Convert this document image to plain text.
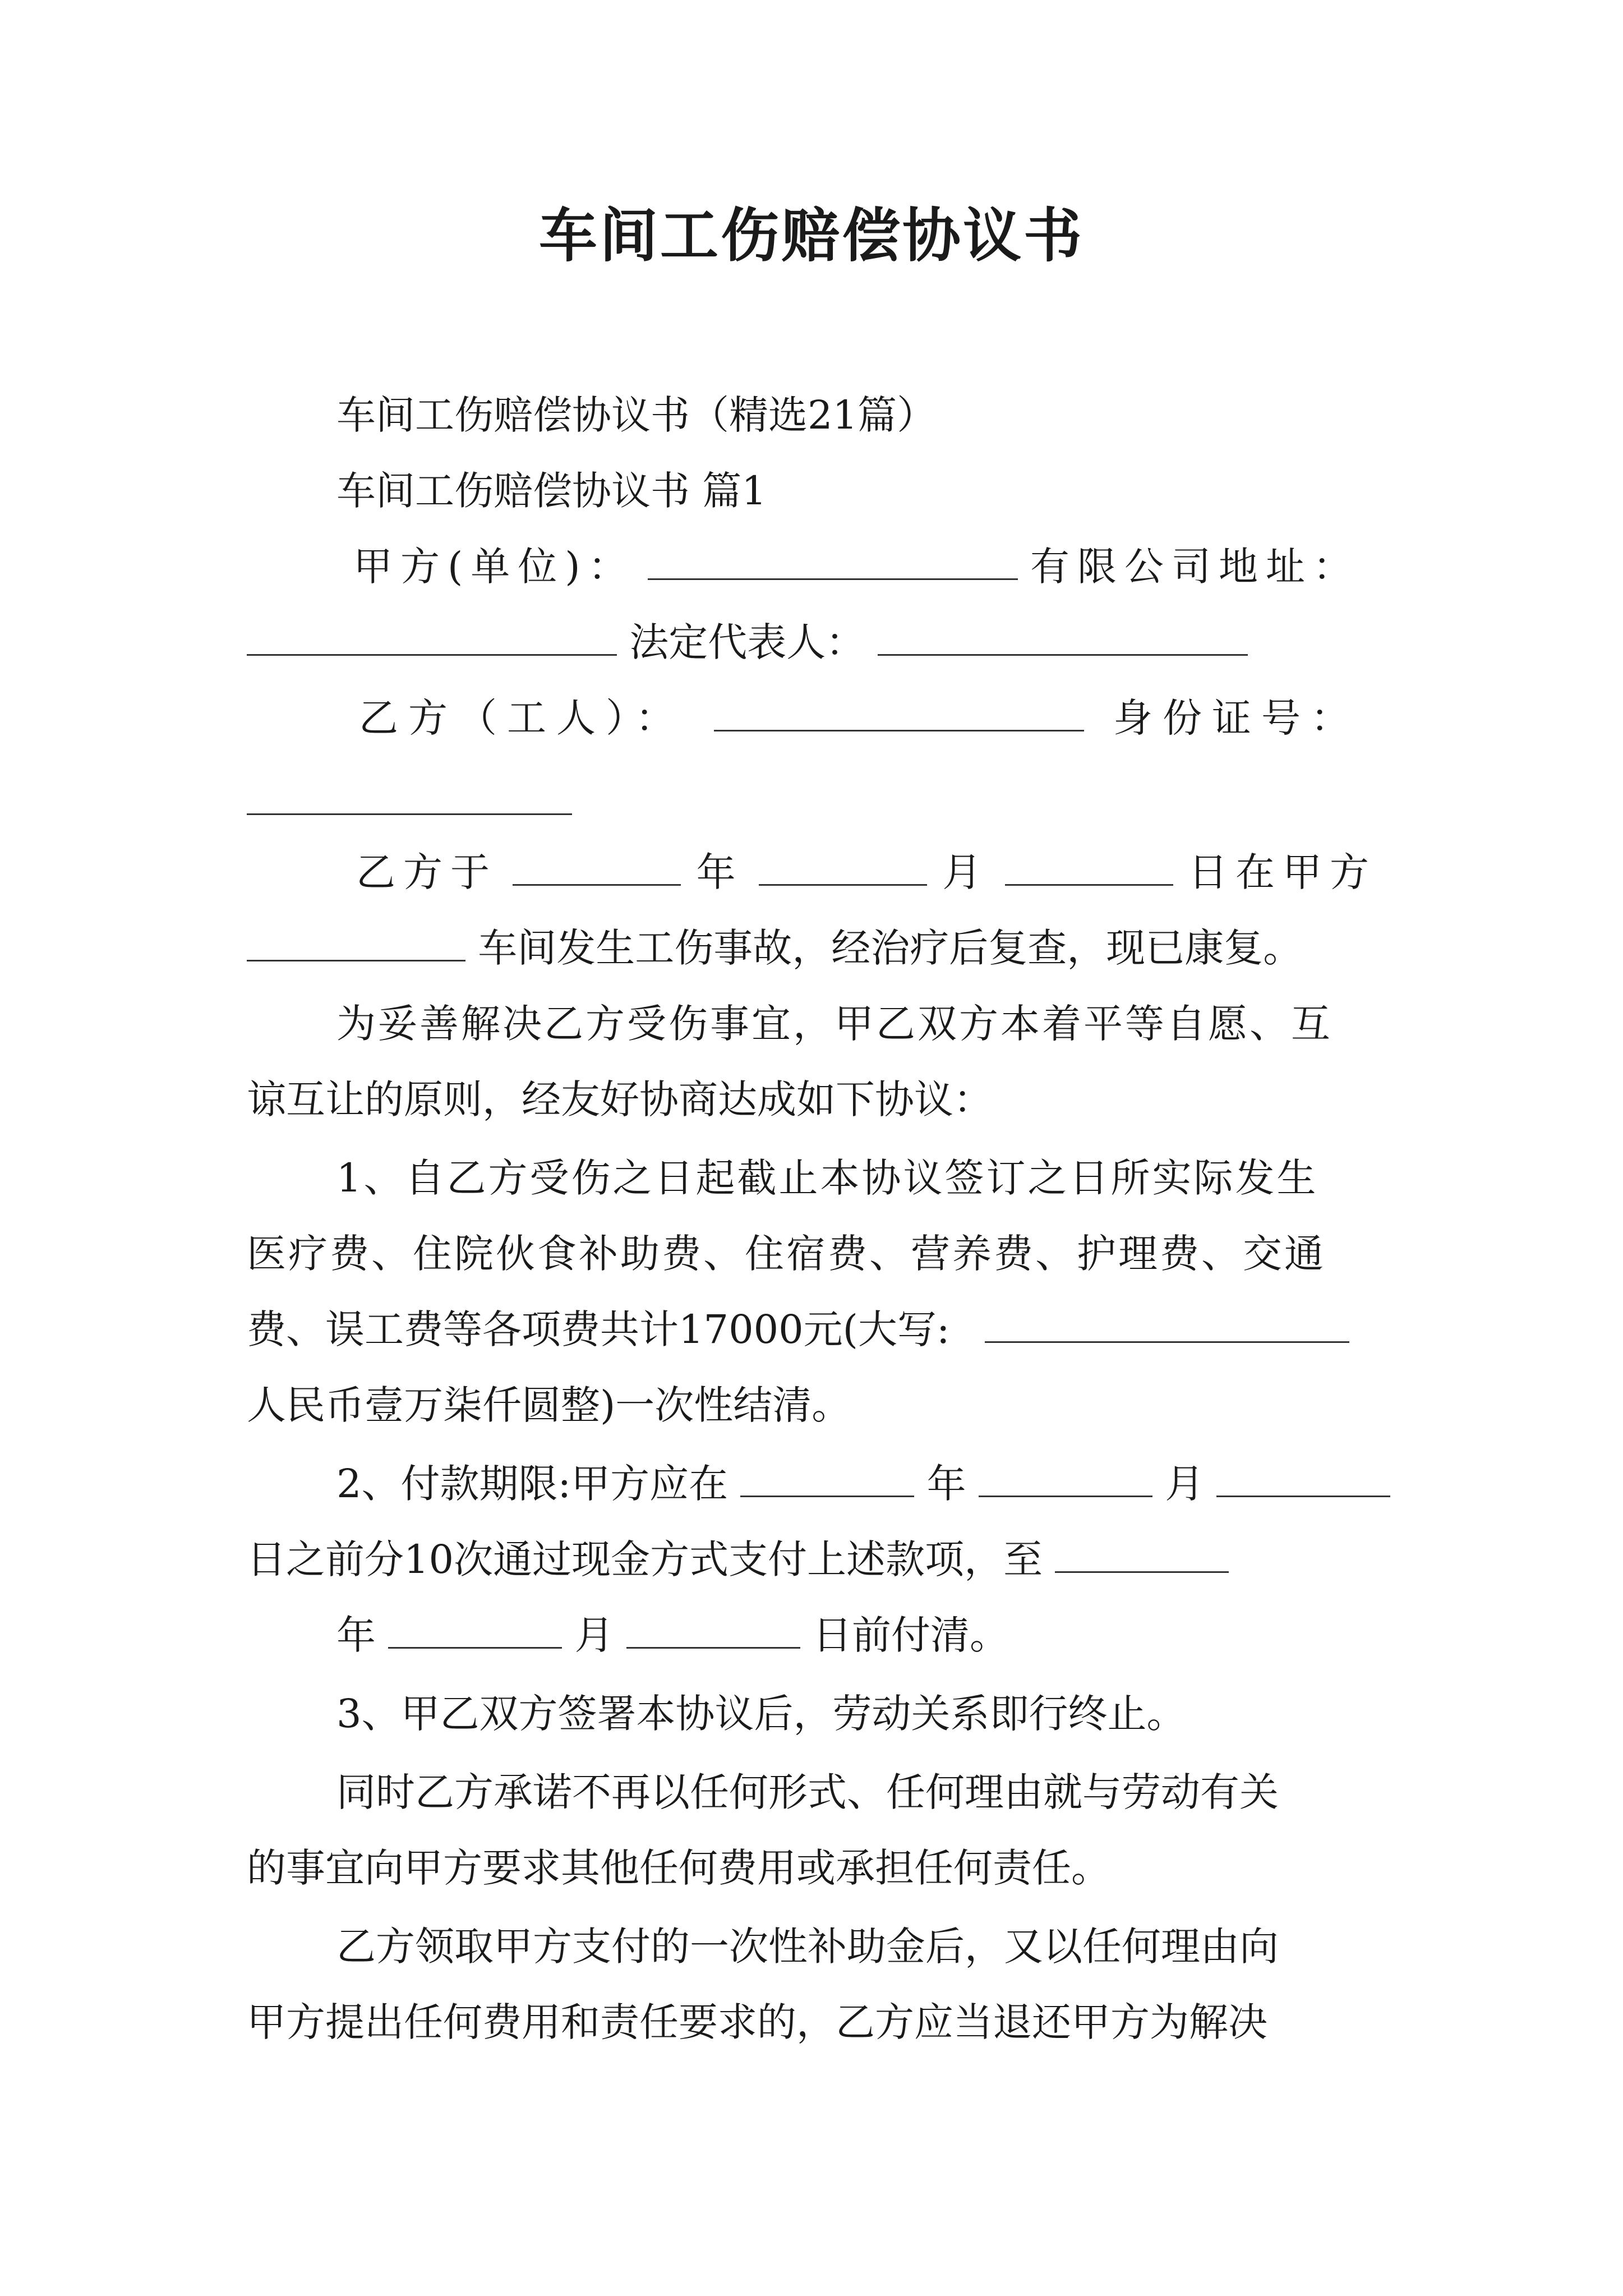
车间工伤赔偿协议书
车间工伤赔偿协议书（精选21篇）
车间工伤赔偿协议书 篇1
甲方(单位)：	有限公司地址：
法定代表人：
乙方（工人）：	身份证号：
乙方于	年	月	日在甲方
车间发生工伤事故，经治疗后复查，现已康复。
为妥善解决乙方受伤事宜，甲乙双方本着平等自愿、互
谅互让的原则，经友好协商达成如下协议：
1、自乙方受伤之日起截止本协议签订之日所实际发生
医疗费、住院伙食补助费、住宿费、营养费、护理费、交通
费、误工费等各项费共计17000元(大写:
人民币壹万柒仟圆整)一次性结清。
2、付款期限:甲方应在	年	月
日之前分10次通过现金方式支付上述款项，至
年	月	日前付清。
3、甲乙双方签署本协议后，劳动关系即行终止。
同时乙方承诺不再以任何形式、任何理由就与劳动有关
的事宜向甲方要求其他任何费用或承担任何责任。
乙方领取甲方支付的一次性补助金后，又以任何理由向
甲方提出任何费用和责任要求的，乙方应当退还甲方为解决
